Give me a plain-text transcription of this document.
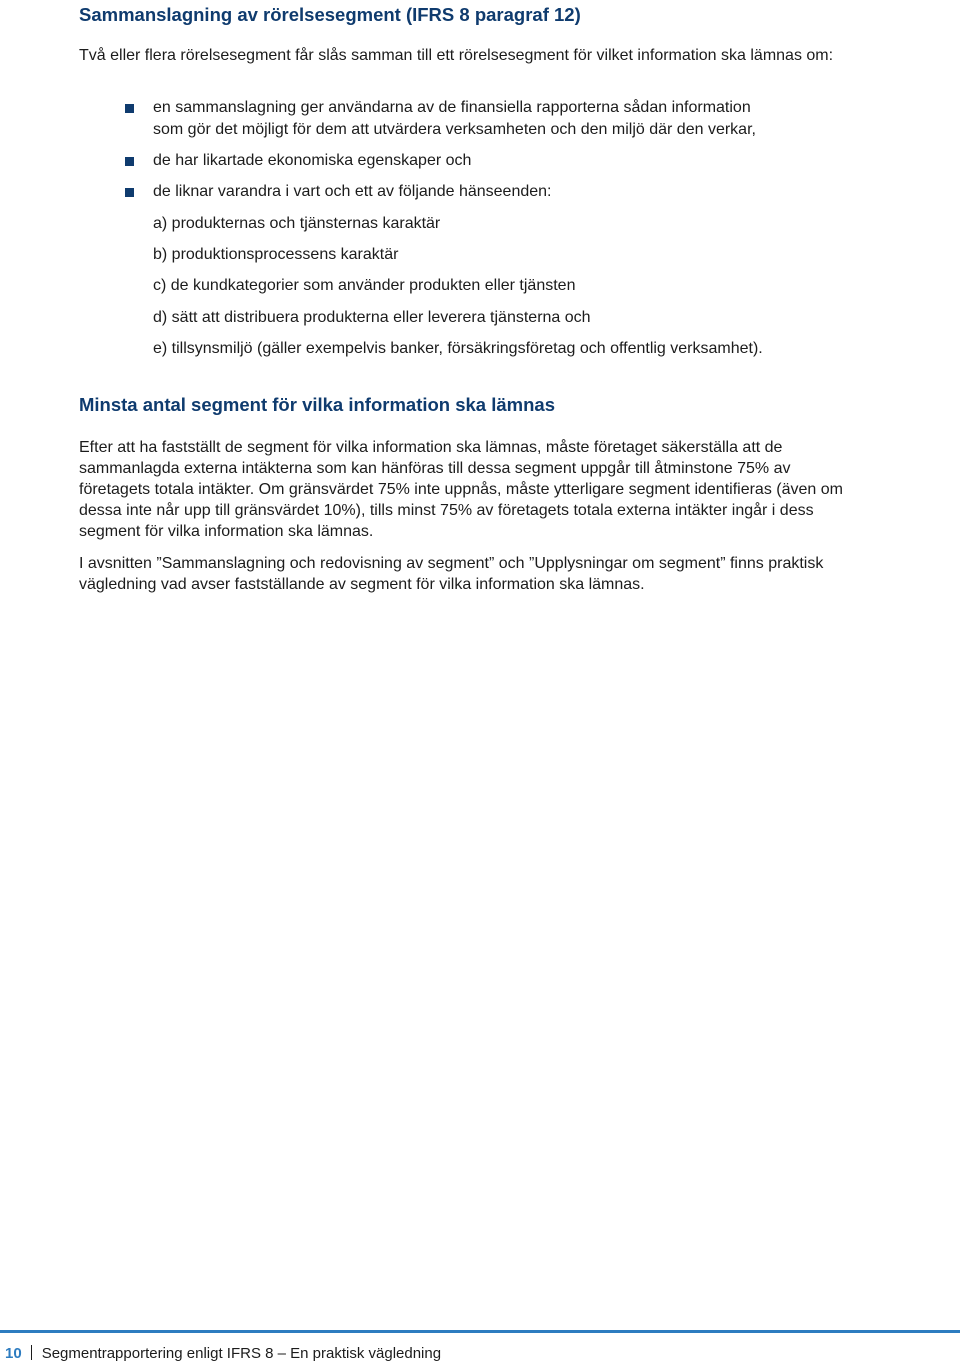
Sammanslagning av rörelsesegment (IFRS 8 paragraf 12)

Två eller flera rörelsesegment får slås samman till ett rörelsesegment för vilket information ska lämnas om:

en sammanslagning ger användarna av de finansiella rapporterna sådan information
som gör det möjligt för dem att utvärdera verksamheten och den miljö där den verkar,
de har likartade ekonomiska egenskaper och
de liknar varandra i vart och ett av följande hänseenden:
a) produkternas och tjänsternas karaktär
b) produktionsprocessens karaktär
c) de kundkategorier som använder produkten eller tjänsten
d) sätt att distribuera produkterna eller leverera tjänsterna och
e) tillsynsmiljö (gäller exempelvis banker, försäkringsföretag och offentlig verksamhet).
Minsta antal segment för vilka information ska lämnas

Efter att ha fastställt de segment för vilka information ska lämnas, måste företaget säkerställa att de sammanlagda externa intäkterna som kan hänföras till dessa segment uppgår till åtminstone 75% av företagets totala intäkter. Om gränsvärdet 75% inte uppnås, måste ytterligare segment identifieras (även om dessa inte når upp till gränsvärdet 10%), tills minst 75% av företagets totala externa intäkter ingår i dess segment för vilka information ska lämnas.

I avsnitten ”Sammanslagning och redovisning av segment” och ”Upplysningar om segment” finns praktisk vägledning vad avser fastställande av segment för vilka information ska lämnas.

10 Segmentrapportering enligt IFRS 8 – En praktisk vägledning
